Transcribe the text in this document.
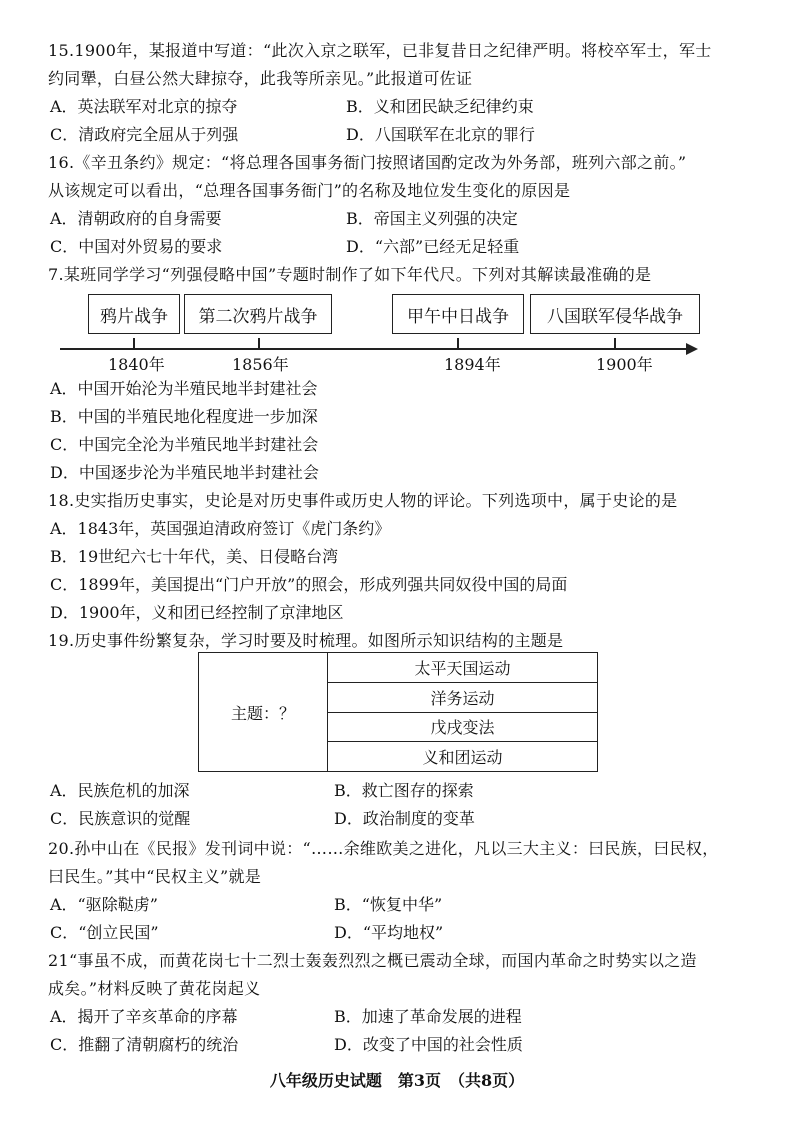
15.1900年，某报道中写道：“此次入京之联军，已非复昔日之纪律严明。将校卒军士，军士
约同犟，白昼公然大肆掠夺，此我等所亲见。”此报道可佐证
A．英法联军对北京的掠夺	B．义和团民缺乏纪律约束
C．清政府完全屈从于列强	D．八国联军在北京的罪行
16.《辛丑条约》规定：“将总理各国事务衙门按照诸国酌定改为外务部，班列六部之前。”
从该规定可以看出，“总理各国事务衙门”的名称及地位发生变化的原因是
A．清朝政府的自身需要	B．帝国主义列强的决定
C．中国对外贸易的要求	D．“六部”已经无足轻重
7.某班同学学习“列强侵略中国”专题时制作了如下年代尺。下列对其解读最准确的是
鸦片战争	第二次鸦片战争	甲午中日战争	八国联军侵华战争
1840年	1856年	1894年	1900年
A．中国开始沦为半殖民地半封建社会
B．中国的半殖民地化程度进一步加深
C．中国完全沦为半殖民地半封建社会
D．中国逐步沦为半殖民地半封建社会
18.史实指历史事实，史论是对历史事件或历史人物的评论。下列选项中，属于史论的是
A．1843年，英国强迫清政府签订《虎门条约》
B．19世纪六七十年代，美、日侵略台湾
C．1899年，美国提出“门户开放”的照会，形成列强共同奴役中国的局面
D．1900年，义和团已经控制了京津地区
19.历史事件纷繁复杂，学习时要及时梳理。如图所示知识结构的主题是
主题：？	太平天国运动
洋务运动
戊戌变法
义和团运动
A．民族危机的加深	B．救亡图存的探索
C．民族意识的觉醒	D．政治制度的变革
20.孙中山在《民报》发刊词中说：“……余维欧美之进化，凡以三大主义：曰民族，曰民权，
曰民生。”其中“民权主义”就是
A．“驱除鞑虏”	B．“恢复中华”
C．“创立民国”	D．“平均地权”
21“事虽不成，而黄花岗七十二烈士轰轰烈烈之概已震动全球，而国内革命之时势实以之造
成矣。”材料反映了黄花岗起义
A．揭开了辛亥革命的序幕	B．加速了革命发展的进程
C．推翻了清朝腐朽的统治	D．改变了中国的社会性质
八年级历史试题　第3页　（共8页）
